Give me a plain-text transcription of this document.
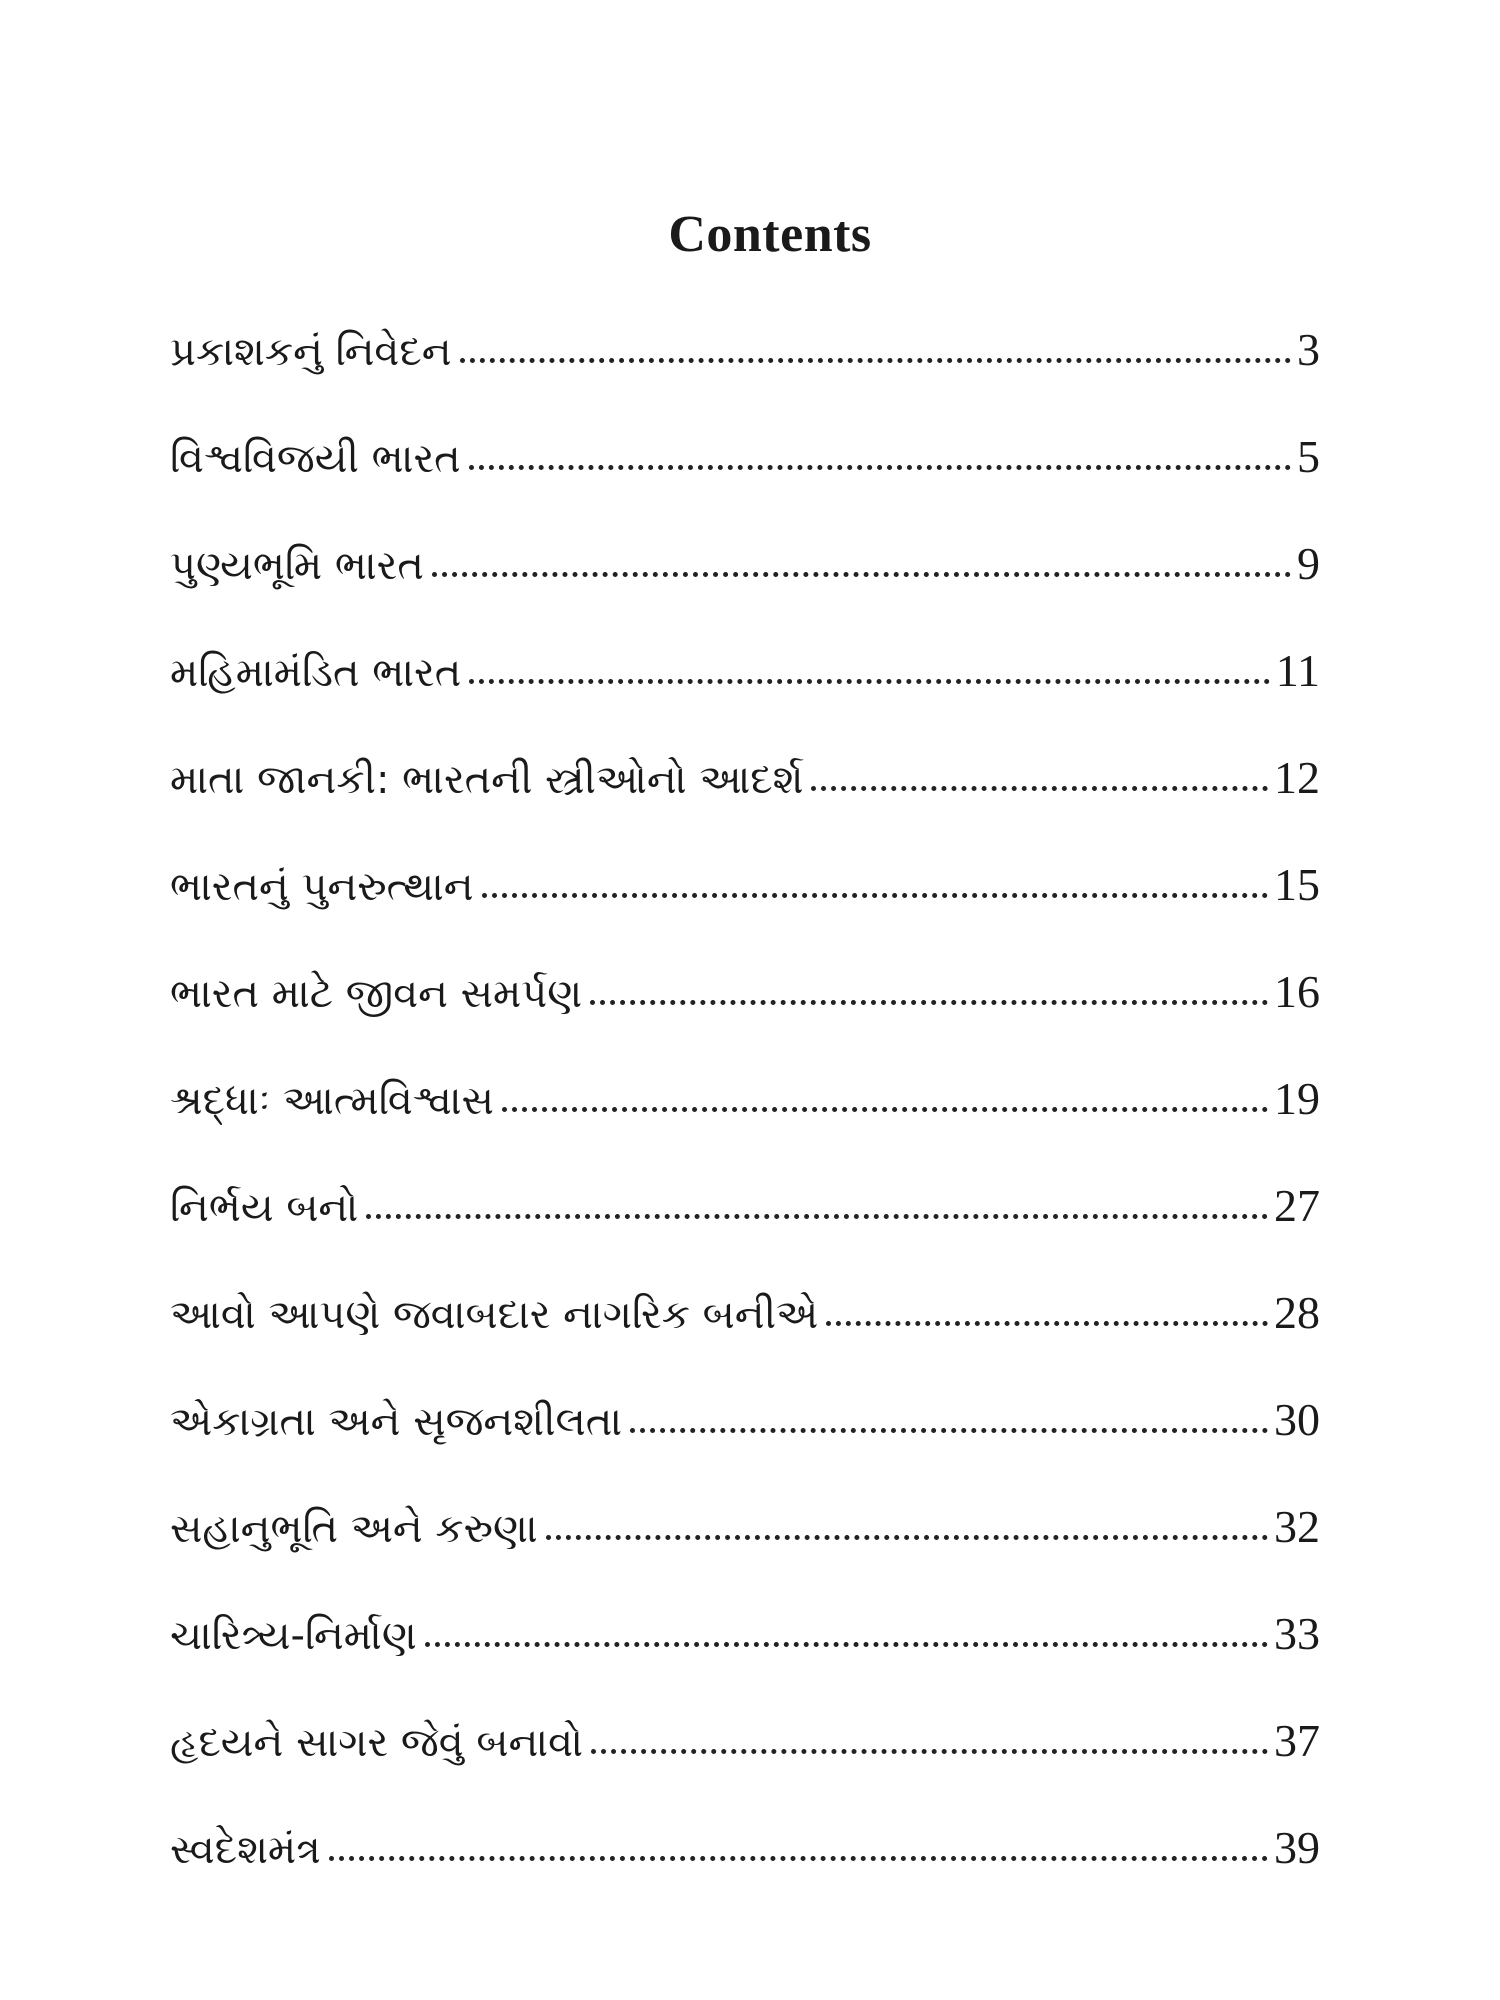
Contents
પ્રકાશકનું નિવેદન	3
વિશ્વવિજયી ભારત	5
પુણ્યભૂમિ ભારત	9
મહિમામંડિત ભારત	11
માતા જાનકી: ભારતની સ્ત્રીઓનો આદર્શ	12
ભારતનું પુનરુત્થાન	15
ભારત માટે જીવન સમર્પણ	16
શ્રદ્ધાઃ આત્મવિશ્વાસ	19
નિર્ભય બનો	27
આવો આપણે જવાબદાર નાગરિક બનીએ	28
એકાગ્રતા અને સૃજનશીલતા	30
સહાનુભૂતિ અને કરુણા	32
ચારિત્ર્ય-નિર્માણ	33
હૃદયને સાગર જેવું બનાવો	37
સ્વદેશમંત્ર	39
